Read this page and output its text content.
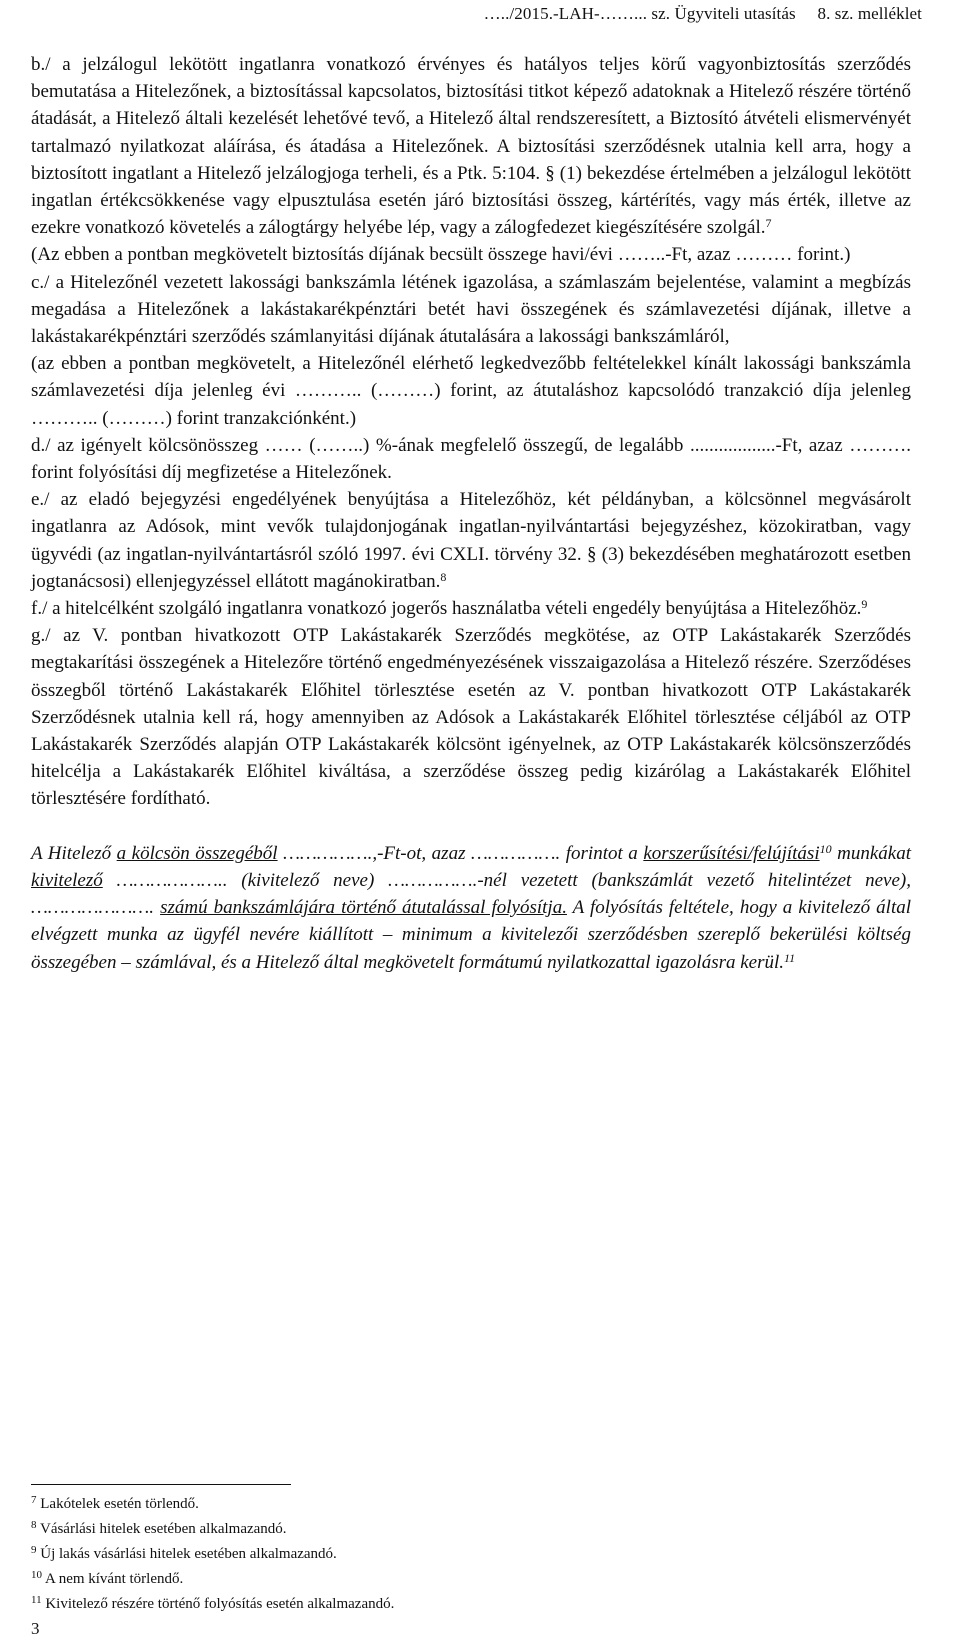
…../2015.-LAH-……... sz. Ügyviteli utasítás     8. sz. melléklet

b./ a jelzálogul lekötött ingatlanra vonatkozó érvényes és hatályos teljes körű vagyonbiztosítás szerződés bemutatása a Hitelezőnek, a biztosítással kapcsolatos, biztosítási titkot képező adatoknak a Hitelező részére történő átadását, a Hitelező általi kezelését lehetővé tevő, a Hitelező által rendszeresített, a Biztosító átvételi elismervényét tartalmazó nyilatkozat aláírása, és átadása a Hitelezőnek. A biztosítási szerződésnek utalnia kell arra, hogy a biztosított ingatlant a Hitelező jelzálogjoga terheli, és a Ptk. 5:104. § (1) bekezdése értelmében a jelzálogul lekötött ingatlan értékcsökkenése vagy elpusztulása esetén járó biztosítási összeg, kártérítés, vagy más érték, illetve az ezekre vonatkozó követelés a zálogtárgy helyébe lép, vagy a zálogfedezet kiegészítésére szolgál.$^7$

(Az ebben a pontban megkövetelt biztosítás díjának becsült összege havi/évi ……..-Ft, azaz ……… forint.)

c./ a Hitelezőnél vezetett lakossági bankszámla létének igazolása, a számlaszám bejelentése, valamint a megbízás megadása a Hitelezőnek a lakástakarékpénztári betét havi összegének és számlavezetési díjának, illetve a lakástakarékpénztári szerződés számlanyitási díjának átutalására a lakossági bankszámláról,

(az ebben a pontban megkövetelt, a Hitelezőnél elérhető legkedvezőbb feltételekkel kínált lakossági bankszámla számlavezetési díja jelenleg évi ……….. (………) forint, az átutaláshoz kapcsolódó tranzakció díja jelenleg ……….. (………) forint tranzakciónként.)

d./ az igényelt kölcsönösszeg …… (……..) %-ának megfelelő összegű, de legalább ..................-Ft, azaz ………. forint folyósítási díj megfizetése a Hitelezőnek.

e./ az eladó bejegyzési engedélyének benyújtása a Hitelezőhöz, két példányban, a kölcsönnel megvásárolt ingatlanra az Adósok, mint vevők tulajdonjogának ingatlan-nyilvántartási bejegyzéshez, közokiratban, vagy ügyvédi (az ingatlan-nyilvántartásról szóló 1997. évi CXLI. törvény 32. § (3) bekezdésében meghatározott esetben jogtanácsosi) ellenjegyzéssel ellátott magánokiratban.$^8$

f./ a hitelcélként szolgáló ingatlanra vonatkozó jogerős használatba vételi engedély benyújtása a Hitelezőhöz.$^9$

g./ az V. pontban hivatkozott OTP Lakástakarék Szerződés megkötése, az OTP Lakástakarék Szerződés megtakarítási összegének a Hitelezőre történő engedményezésének visszaigazolása a Hitelező részére. Szerződéses összegből történő Lakástakarék Előhitel törlesztése esetén az V. pontban hivatkozott OTP Lakástakarék Szerződésnek utalnia kell rá, hogy amennyiben az Adósok a Lakástakarék Előhitel törlesztése céljából az OTP Lakástakarék Szerződés alapján OTP Lakástakarék kölcsönt igényelnek, az OTP Lakástakarék kölcsönszerződés hitelcélja a Lakástakarék Előhitel kiváltása, a szerződése összeg pedig kizárólag a Lakástakarék Előhitel törlesztésére fordítható.

A Hitelező a kölcsön összegéből …………….,-Ft-ot, azaz ……………. forintot a korszerűsítési/felújítási$^{10}$ munkákat kivitelező ……………….. (kivitelező neve) …………….-nél vezetett (bankszámlát vezető hitelintézet neve), …………………. számú bankszámlájára történő átutalással folyósítja. A folyósítás feltétele, hogy a kivitelező által elvégzett munka az ügyfél nevére kiállított – minimum a kivitelezői szerződésben szereplő bekerülési költség összegében – számlával, és a Hitelező által megkövetelt formátumú nyilatkozattal igazolásra kerül.$^{11}$

$^7$ Lakótelek esetén törlendő.
$^8$ Vásárlási hitelek esetében alkalmazandó.
$^9$ Új lakás vásárlási hitelek esetében alkalmazandó.
$^{10}$ A nem kívánt törlendő.
$^{11}$ Kivitelező részére történő folyósítás esetén alkalmazandó.
3
